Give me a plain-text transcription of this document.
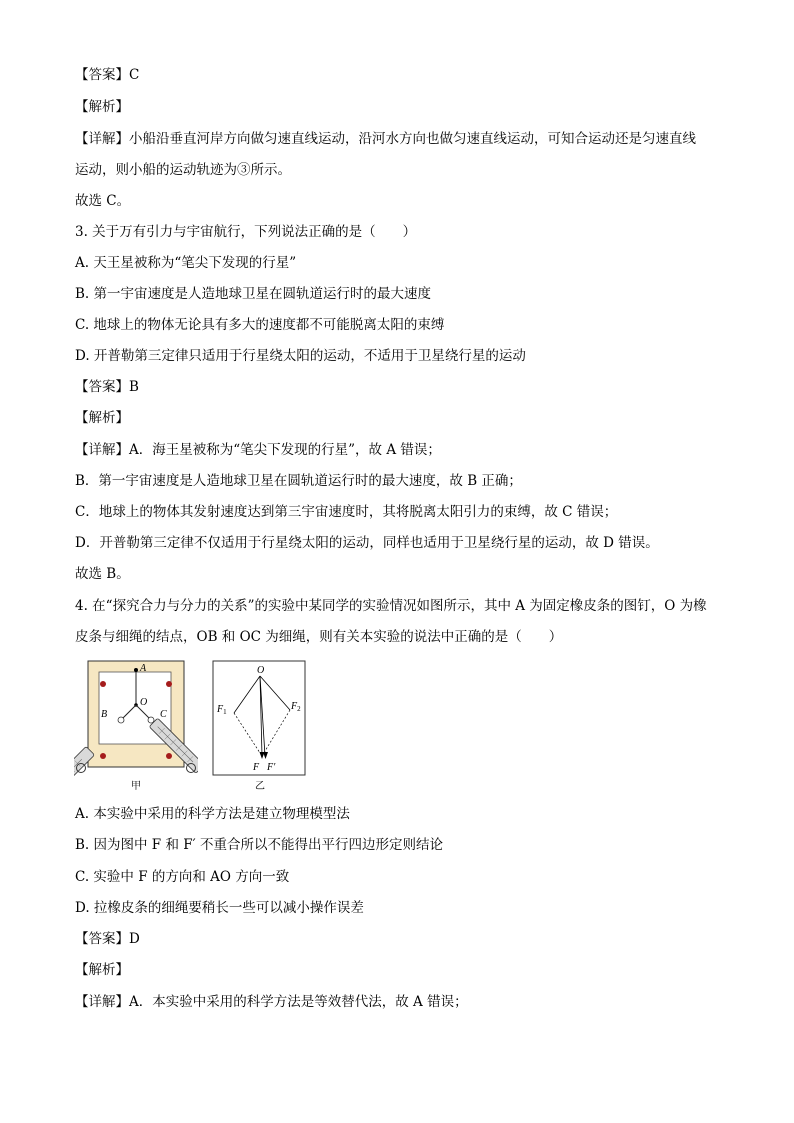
【答案】C
【解析】
【详解】小船沿垂直河岸方向做匀速直线运动，沿河水方向也做匀速直线运动，可知合运动还是匀速直线
运动，则小船的运动轨迹为③所示。
故选 C。
3. 关于万有引力与宇宙航行，下列说法正确的是（　　）
A. 天王星被称为“笔尖下发现的行星”
B. 第一宇宙速度是人造地球卫星在圆轨道运行时的最大速度
C. 地球上的物体无论具有多大的速度都不可能脱离太阳的束缚
D. 开普勒第三定律只适用于行星绕太阳的运动，不适用于卫星绕行星的运动
【答案】B
【解析】
【详解】A．海王星被称为“笔尖下发现的行星”，故 A 错误；
B．第一宇宙速度是人造地球卫星在圆轨道运行时的最大速度，故 B 正确；
C．地球上的物体其发射速度达到第三宇宙速度时，其将脱离太阳引力的束缚，故 C 错误；
D．开普勒第三定律不仅适用于行星绕太阳的运动，同样也适用于卫星绕行星的运动，故 D 错误。
故选 B。
4. 在“探究合力与分力的关系”的实验中某同学的实验情况如图所示，其中 A 为固定橡皮条的图钉，O 为橡
皮条与细绳的结点，OB 和 OC 为细绳，则有关本实验的说法中正确的是（　　）
A
O
B	C
甲
O
$F_1$	$F_2$
F F′
乙
A. 本实验中采用的科学方法是建立物理模型法
B. 因为图中 F 和 F′ 不重合所以不能得出平行四边形定则结论
C. 实验中 F 的方向和 AO 方向一致
D. 拉橡皮条的细绳要稍长一些可以减小操作误差
【答案】D
【解析】
【详解】A．本实验中采用的科学方法是等效替代法，故 A 错误；
